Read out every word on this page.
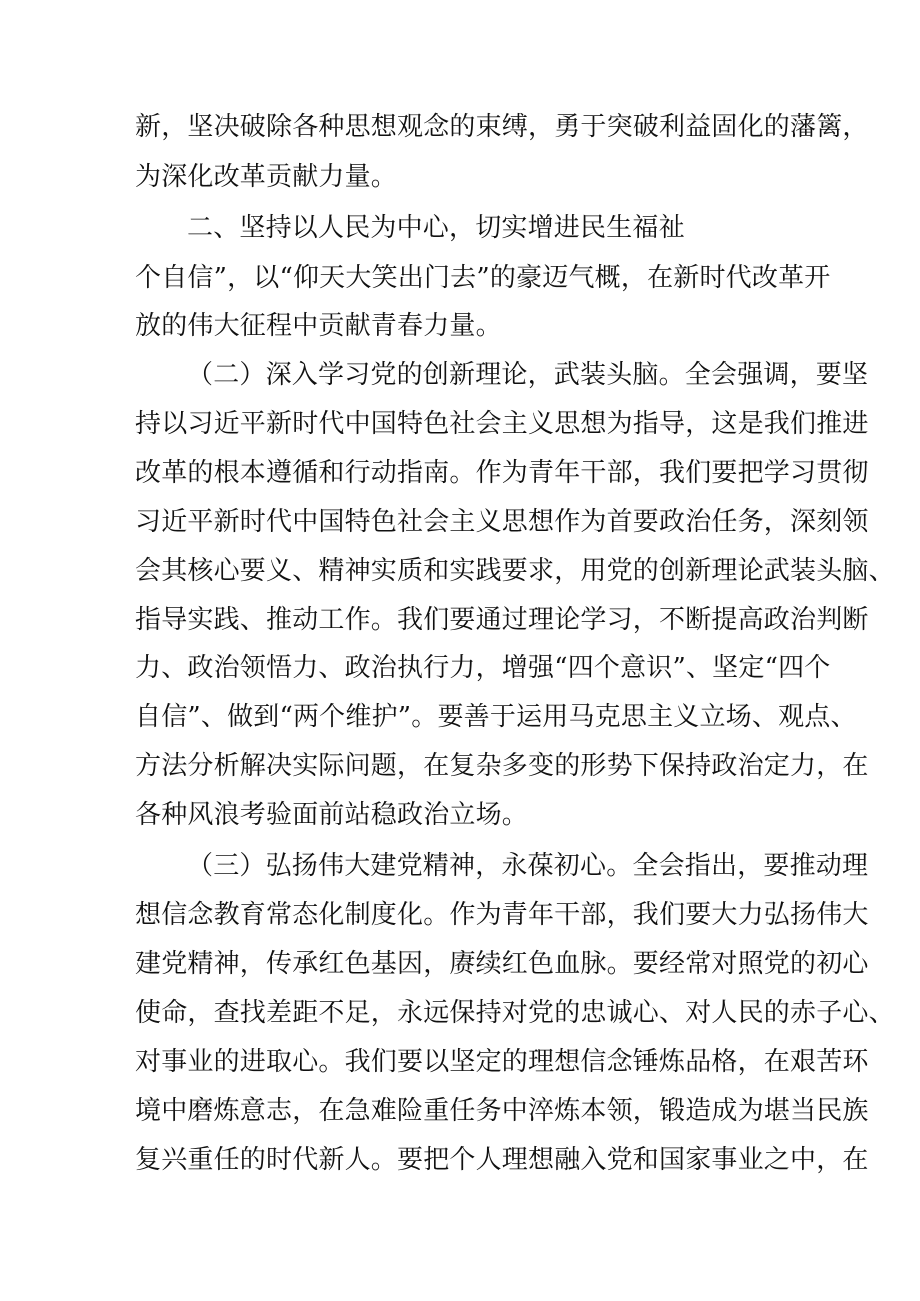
新，坚决破除各种思想观念的束缚，勇于突破利益固化的藩篱，
为深化改革贡献力量。
二、坚持以人民为中心，切实增进民生福祉
个自信”，以“仰天大笑出门去”的豪迈气概，在新时代改革开
放的伟大征程中贡献青春力量。
（二）深入学习党的创新理论，武装头脑。全会强调，要坚
持以习近平新时代中国特色社会主义思想为指导，这是我们推进
改革的根本遵循和行动指南。作为青年干部，我们要把学习贯彻
习近平新时代中国特色社会主义思想作为首要政治任务，深刻领
会其核心要义、精神实质和实践要求，用党的创新理论武装头脑、
指导实践、推动工作。我们要通过理论学习，不断提高政治判断
力、政治领悟力、政治执行力，增强“四个意识”、坚定“四个
自信”、做到“两个维护”。要善于运用马克思主义立场、观点、
方法分析解决实际问题，在复杂多变的形势下保持政治定力，在
各种风浪考验面前站稳政治立场。
（三）弘扬伟大建党精神，永葆初心。全会指出，要推动理
想信念教育常态化制度化。作为青年干部，我们要大力弘扬伟大
建党精神，传承红色基因，赓续红色血脉。要经常对照党的初心
使命，查找差距不足，永远保持对党的忠诚心、对人民的赤子心、
对事业的进取心。我们要以坚定的理想信念锤炼品格，在艰苦环
境中磨炼意志，在急难险重任务中淬炼本领，锻造成为堪当民族
复兴重任的时代新人。要把个人理想融入党和国家事业之中，在
